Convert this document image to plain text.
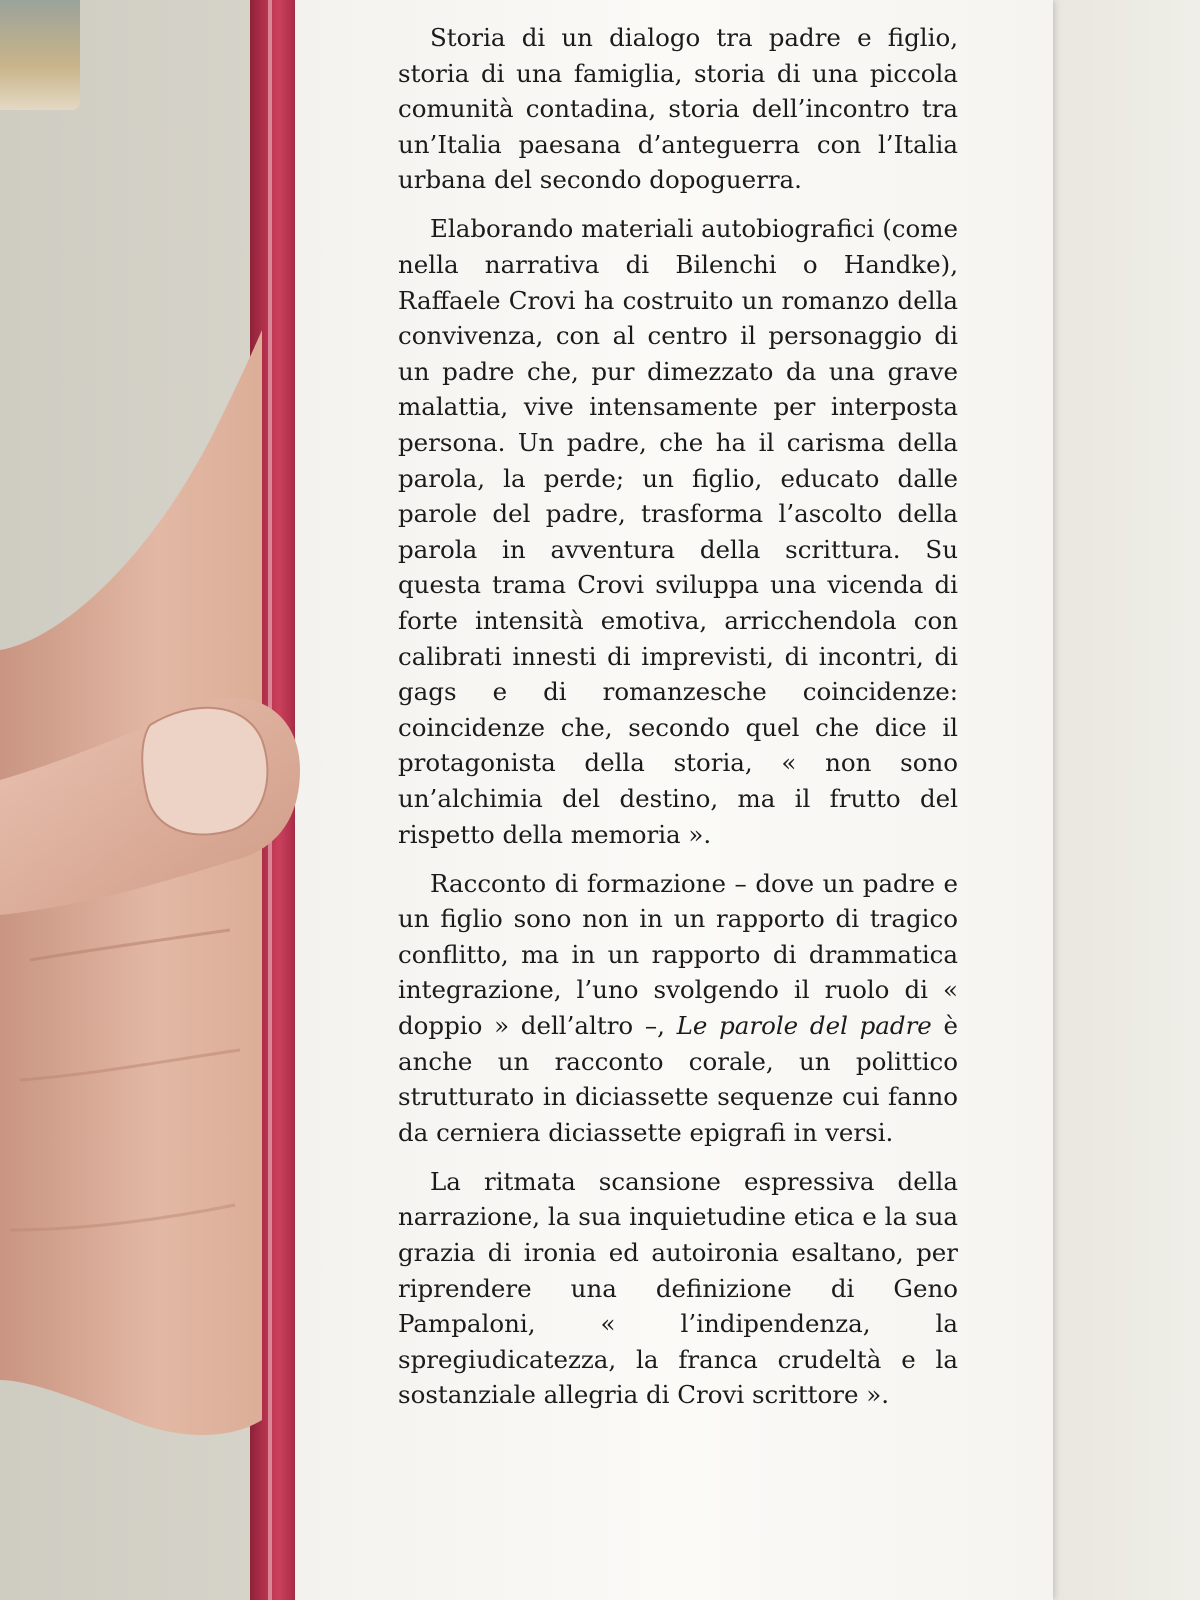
Storia di un dialogo tra padre e figlio, storia di una famiglia, storia di una piccola comunità contadina, storia dell’incontro tra un’Italia paesana d’anteguerra con l’Italia urbana del secondo dopoguerra.

Elaborando materiali autobiografici (come nella narrativa di Bilenchi o Handke), Raffaele Crovi ha costruito un romanzo della convivenza, con al centro il personaggio di un padre che, pur dimezzato da una grave malattia, vive intensamente per interposta persona. Un padre, che ha il carisma della parola, la perde; un figlio, educato dalle parole del padre, trasforma l’ascolto della parola in avventura della scrittura. Su questa trama Crovi sviluppa una vicenda di forte intensità emotiva, arricchendola con calibrati innesti di imprevisti, di incontri, di gags e di romanzesche coincidenze: coincidenze che, secondo quel che dice il protagonista della storia, « non sono un’alchimia del destino, ma il frutto del rispetto della memoria ».

Racconto di formazione – dove un padre e un figlio sono non in un rapporto di tragico conflitto, ma in un rapporto di drammatica integrazione, l’uno svolgendo il ruolo di « doppio » dell’altro –, Le parole del padre è anche un racconto corale, un polittico strutturato in diciassette sequenze cui fanno da cerniera diciassette epigrafi in versi.

La ritmata scansione espressiva della narrazione, la sua inquietudine etica e la sua grazia di ironia ed autoironia esaltano, per riprendere una definizione di Geno Pampaloni, « l’indipendenza, la spregiudicatezza, la franca crudeltà e la sostanziale allegria di Crovi scrittore ».
